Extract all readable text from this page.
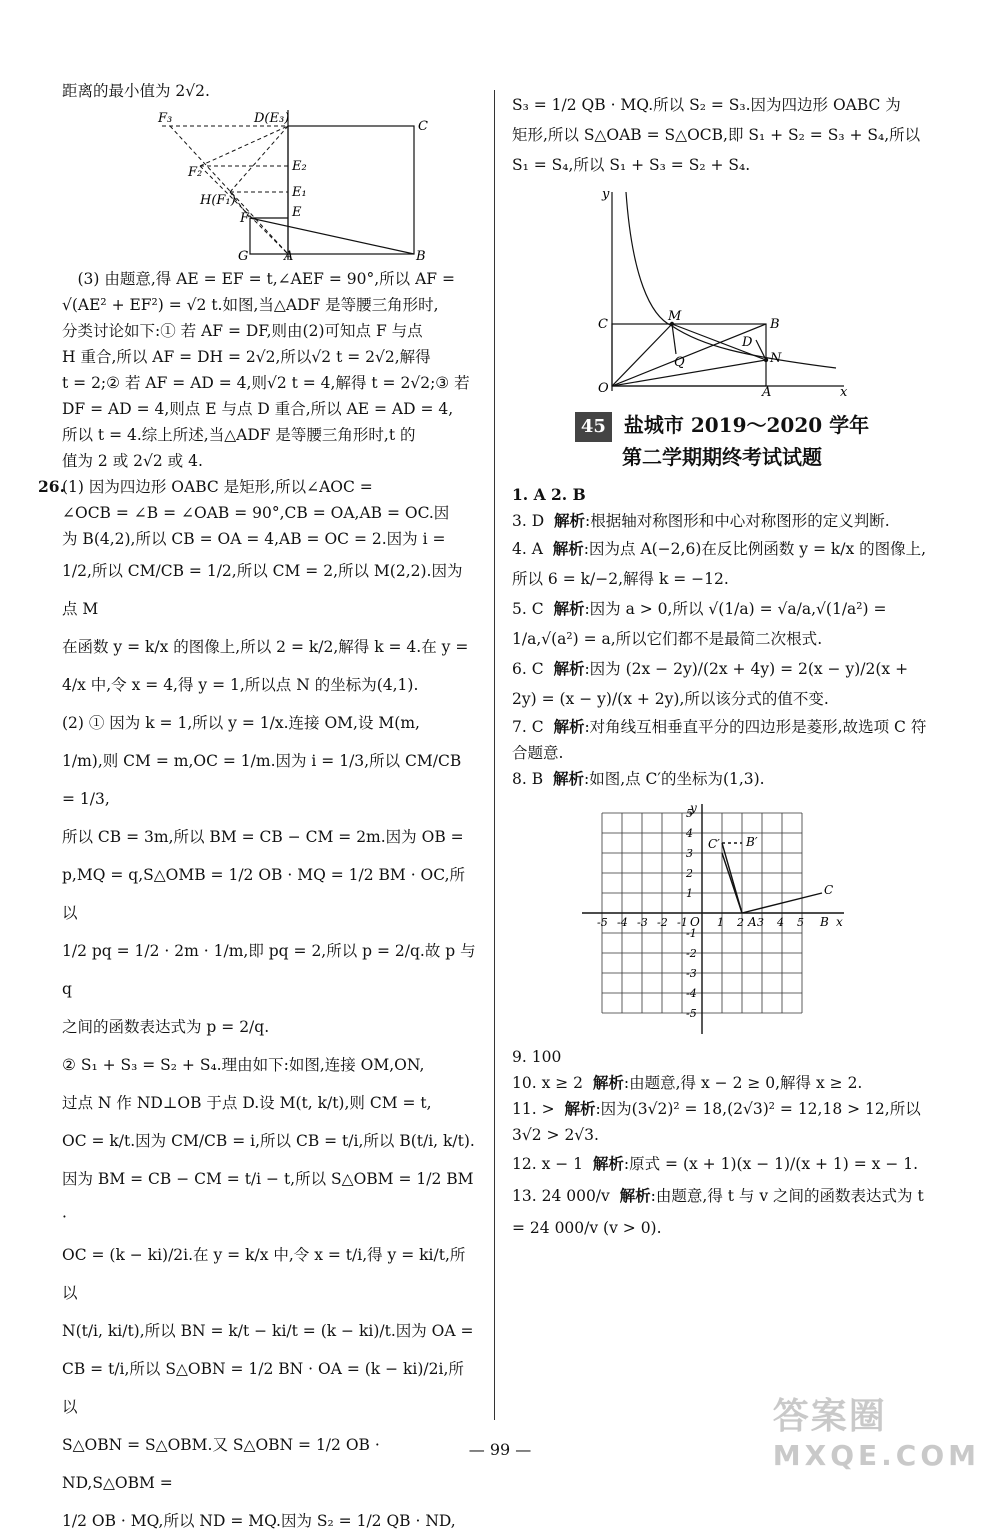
距离的最小值为 2√2.

F₃	D(E₃)
C
F₂	E₂
E₁
H(F₁)
F	E
G	A	B

(3) 由题意,得 AE = EF = t,∠AEF = 90°,所以 AF =

√(AE² + EF²) = √2 t.如图,当△ADF 是等腰三角形时,

分类讨论如下:① 若 AF = DF,则由(2)可知点 F 与点

H 重合,所以 AF = DH = 2√2,所以√2 t = 2√2,解得

t = 2;② 若 AF = AD = 4,则√2 t = 4,解得 t = 2√2;③ 若

DF = AD = 4,则点 E 与点 D 重合,所以 AE = AD = 4,

所以 t = 4.综上所述,当△ADF 是等腰三角形时,t 的

值为 2 或 2√2 或 4.

26.

(1) 因为四边形 OABC 是矩形,所以∠AOC =

∠OCB = ∠B = ∠OAB = 90°,CB = OA,AB = OC.因

为 B(4,2),所以 CB = OA = 4,AB = OC = 2.因为 i =

1/2,所以 CM/CB = 1/2,所以 CM = 2,所以 M(2,2).因为点 M

在函数 y = k/x 的图像上,所以 2 = k/2,解得 k = 4.在 y =

4/x 中,令 x = 4,得 y = 1,所以点 N 的坐标为(4,1).

(2) ① 因为 k = 1,所以 y = 1/x.连接 OM,设 M(m,

1/m),则 CM = m,OC = 1/m.因为 i = 1/3,所以 CM/CB = 1/3,

所以 CB = 3m,所以 BM = CB − CM = 2m.因为 OB =

p,MQ = q,S△OMB = 1/2 OB · MQ = 1/2 BM · OC,所以

1/2 pq = 1/2 · 2m · 1/m,即 pq = 2,所以 p = 2/q.故 p 与 q

之间的函数表达式为 p = 2/q.

② S₁ + S₃ = S₂ + S₄.理由如下:如图,连接 OM,ON,

过点 N 作 ND⊥OB 于点 D.设 M(t, k/t),则 CM = t,

OC = k/t.因为 CM/CB = i,所以 CB = t/i,所以 B(t/i, k/t).

因为 BM = CB − CM = t/i − t,所以 S△OBM = 1/2 BM ·

OC = (k − ki)/2i.在 y = k/x 中,令 x = t/i,得 y = ki/t,所以

N(t/i, ki/t),所以 BN = k/t − ki/t = (k − ki)/t.因为 OA =

CB = t/i,所以 S△OBN = 1/2 BN · OA = (k − ki)/2i,所以

S△OBN = S△OBM.又 S△OBN = 1/2 OB · ND,S△OBM =

1/2 OB · MQ,所以 ND = MQ.因为 S₂ = 1/2 QB · ND,

S₃ = 1/2 QB · MQ.所以 S₂ = S₃.因为四边形 OABC 为

矩形,所以 S△OAB = S△OCB,即 S₁ + S₂ = S₃ + S₄,所以

S₁ = S₄,所以 S₁ + S₃ = S₂ + S₄.

y
C
M
B
D
N
Q
O	A	x
45 盐城市 2019～2020 学年
第二学期期终考试试题

1. A 2. B

3. D 解析:根据轴对称图形和中心对称图形的定义判断.

4. A 解析:因为点 A(−2,6)在反比例函数 y = k/x 的图像上,所以 6 = k/−2,解得 k = −12.

5. C 解析:因为 a > 0,所以 √(1/a) = √a/a,√(1/a²) = 1/a,√(a²) = a,所以它们都不是最简二次根式.

6. C 解析:因为 (2x − 2y)/(2x + 4y) = 2(x − y)/2(x + 2y) = (x − y)/(x + 2y),所以该分式的值不变.

7. C 解析:对角线互相垂直平分的四边形是菱形,故选项 C 符合题意.

8. B 解析:如图,点 C′的坐标为(1,3).

y
x
C′ B′
C
B
A
O
-5
-5
-4
-4
-3
-3
-2
-2
-1
-1
1
1
2
2
3
3
4
4
5
5

9. 100

10. x ≥ 2 解析:由题意,得 x − 2 ≥ 0,解得 x ≥ 2.

11. > 解析:因为(3√2)² = 18,(2√3)² = 12,18 > 12,所以 3√2 > 2√3.

12. x − 1 解析:原式 = (x + 1)(x − 1)/(x + 1) = x − 1.

13. 24 000/v 解析:由题意,得 t 与 v 之间的函数表达式为 t = 24 000/v (v > 0).

— 99 —
答案圈
MXQE.COM
